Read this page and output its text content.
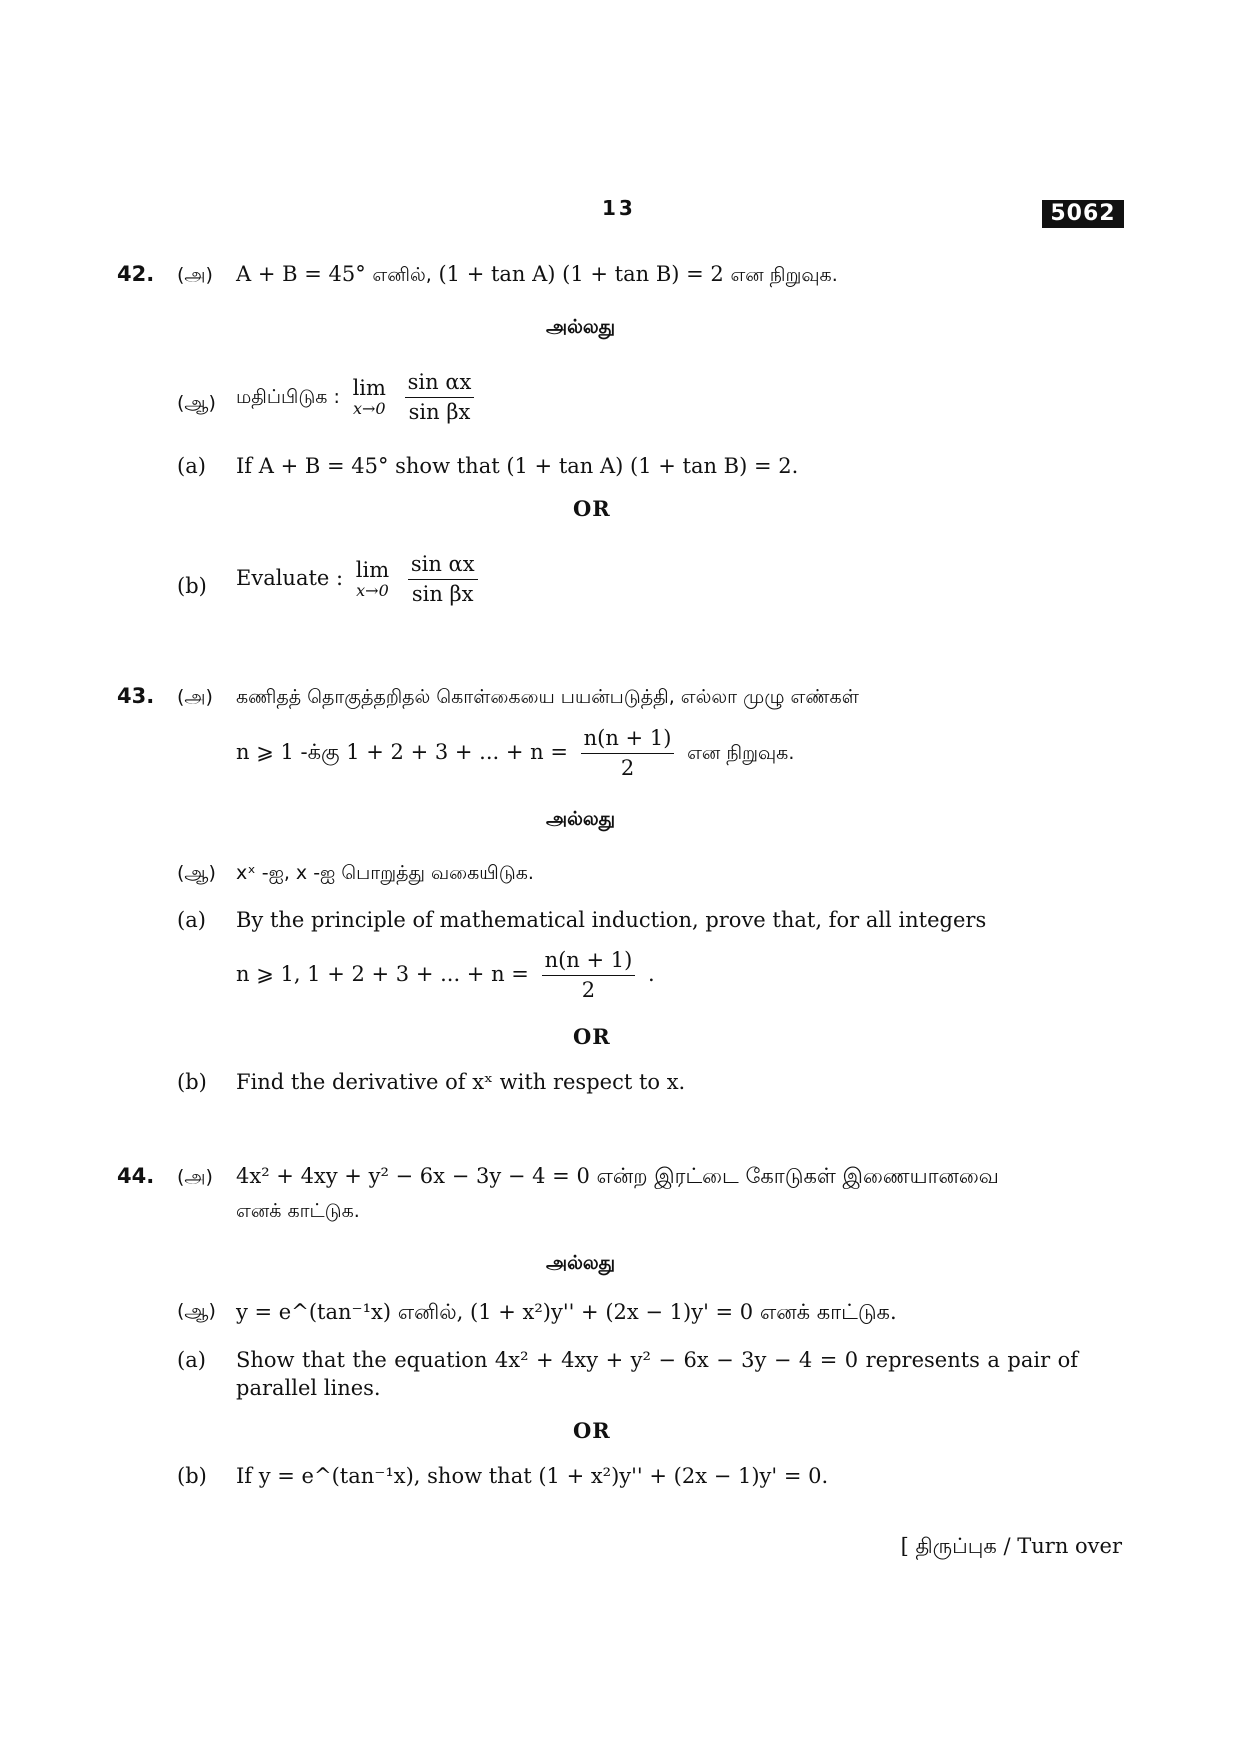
13	5062
42. (அ) A + B = 45° எனில், (1 + tan A) (1 + tan B) = 2 என நிறுவுக.
அல்லது
(ஆ) மதிப்பிடுக : lim
x→0
$\frac{\text{sin αx}}{\text{sin βx}}$
(a) If A + B = 45° show that (1 + tan A) (1 + tan B) = 2.
OR
(b) Evaluate : lim
x→0
$\frac{\text{sin αx}}{\text{sin βx}}$
43. (அ) கணிதத் தொகுத்தறிதல் கொள்கையை பயன்படுத்தி, எல்லா முழு எண்கள்
n ⩾ 1 -க்கு 1 + 2 + 3 + ... + $n = \frac{n(n + 1)}{2}$ என நிறுவுக.
அல்லது
(ஆ) xˣ -ஐ, x -ஐ பொறுத்து வகையிடுக.
(a) By the principle of mathematical induction, prove that, for all integers
n ⩾ 1, 1 + 2 + 3 + ... + $n = \frac{n(n + 1)}{2}$ .
OR
(b) Find the derivative of xˣ with respect to x.
44. (அ) 4x² + 4xy + y² − 6x − 3y − 4 = 0 என்ற இரட்டை கோடுகள் இணையானவை
எனக் காட்டுக.
அல்லது
(ஆ) y = e^(tan⁻¹x) எனில், (1 + x²)y'' + (2x − 1)y' = 0 எனக் காட்டுக.
(a) Show that the equation 4x² + 4xy + y² − 6x − 3y − 4 = 0 represents a pair of parallel lines.
OR
(b) If y = e^(tan⁻¹x), show that (1 + x²)y'' + (2x − 1)y' = 0.
[ திருப்புக / Turn over
